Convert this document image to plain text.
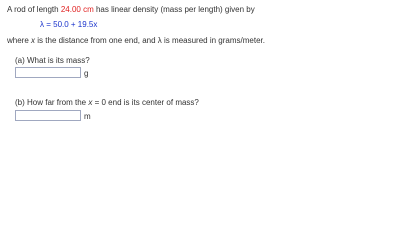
A rod of length 24.00 cm has linear density (mass per length) given by
λ = 50.0 + 19.5x
where x is the distance from one end, and λ is measured in grams/meter.
(a) What is its mass?
g
(b) How far from the x = 0 end is its center of mass?
m
